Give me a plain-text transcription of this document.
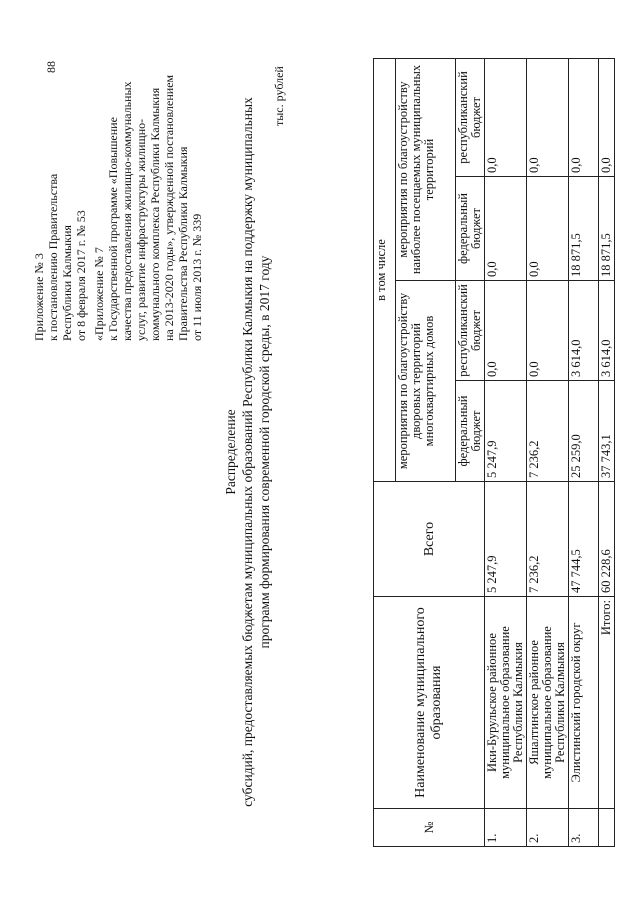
88
Приложение № 3 к постановлению Правительства Республики Калмыкия от 8 февраля 2017 г. № 53 «Приложение № 7 к Государственной программе «Повышение качества предоставления жилищно-коммунальных услуг, развитие инфраструктуры жилищно- коммунального комплекса Республики Калмыкия на 2013-2020 годы», утвержденной постановлением Правительства Республики Калмыкия от 11 июля 2013 г. № 339
Распределение субсидий, предоставляемых бюджетам муниципальных образований Республики Калмыкия на поддержку муниципальных программ формирования современной городской среды, в 2017 году
тыс. рублей
№	Наименование муниципального образования	Всего	в том числе			
			мероприятия по благоустройству дворовых территорий многоквартирных домов		мероприятия по благоустройству наиболее посещаемых муниципальных территорий	
			федеральный бюджет	республиканский бюджет	федеральный бюджет	республиканский бюджет
1.	Ики-Бурульское районное муниципальное образование Республики Калмыкия	5 247,9	5 247,9	0,0	0,0	0,0
2.	Яшалтинское районное муниципальное образование Республики Калмыкия	7 236,2	7 236,2	0,0	0,0	0,0
3.	Элистинский городской округ	47 744,5	25 259,0	3 614,0	18 871,5	0,0
	Итого:	60 228,6	37 743,1	3 614,0	18 871,5	0,0
